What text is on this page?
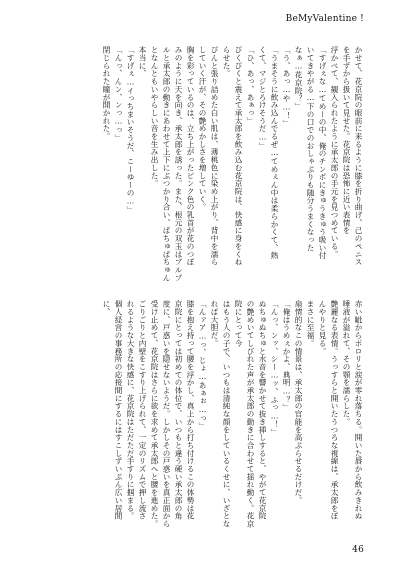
BeMyValentine !
かせて、花京院の眼前に来るように膝を折り曲げ、己のペニス
を手ずから扱いて見せた。花京院は恐怖に近い表情を
浮かべて、観入られたように承太郎の手元を見つめている。
「すげぇな…てめーの中、俺のチンポにきゅうきゅう吸い付
いてきやがる…下の口でのおしゃぶりも随分うまくなった
なぁ…花京院？」
「う、あっ…や…！」
「うまそうに飲み込んでるぜ…てめぇん中は柔らかくて、熱
くて、マジとろけそうだ…」
「ひ、あっ、あぁっ」
びくびくと震えて承太郎を飲み込む花京院は、快感に身をくね
らせた。
ぴんと張り詰めた白い肌は、薄桃色に染め上がり、背中を濡ら
していく汗が、その艶めかしさを増していく。
胸を彩っているのは、立ち上がったピンク色の乳首が花のつぼ
みのように天を向き、承太郎を誘った。また、根元の双玉はプルプ
ルと承太郎の動きにあわせて上下にぶつかり合い、ぱちゅぱちゅん
となんともいやらしい音を生み出した。
本当に、
「すげぇ…イっちまいそうだ、こーゆーの…」
「んっ、んン、ンっ…っ」
閉じられた瞳が開かれた。
赤い眦からポロリと涙が零れ落ちる。開いた唇から飲みきれぬ
唾液が溢れて、その顎を濡らした。
艶麗なる表情。うっすらと開いたうつろな視線は、承太郎をぼ
んやりと見る。
まさに至福。
扇情的なこの情景は、承太郎の官能を高ぶらせるだけだ。
「俺はうめぇかよ、典明…？」
「んっ、ンッ、シー…ッ、ふっ…！」
ぬちゅぬちゅと水音を響かせて抜き挿しすると、やがて花京院
の艶めいてしびれた声が承太郎の動きに合わせて揺れ動く。花京院にとって今
はもう人の子で、いつもは清純な顔をしているくせに、いざとな
れば大胆だ。
「んァア…っ、じょ…あぁぉ…っ」
膝を抱え持って腰を浮かし、真上から打ち付けるこの体勢は花
京院にとっては初めての体位で、いつもと違う硬い承太郎の角
度に、戸惑いを隠せないようだ。しかしその戸惑いを真正面から
受け止めて、花京院はさらに欲を求めて承太郎へと腰を進めた。
ごりごりと内壁をこすり上げられて、一定のリズムで押し流さ
れるような大きな快感に、花京院はただただ手すりに掴まる。
個人経営の事務所の応接間にするにはすこしずいぶん広い居間に、
46
